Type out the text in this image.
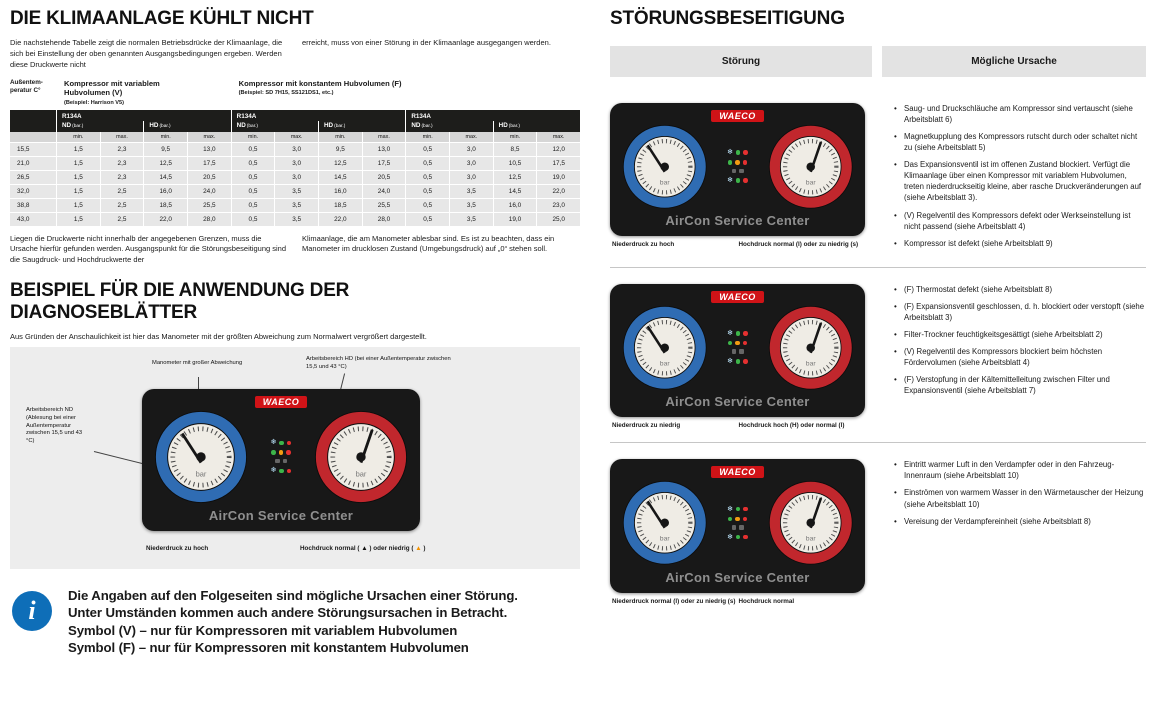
DIE KLIMAANLAGE KÜHLT NICHT

Die nachstehende Tabelle zeigt die normalen Betriebsdrücke der Klimaanlage, die sich bei Einstellung der oben genannten Ausgangsbedingungen ergeben. Werden diese Druckwerte nicht

erreicht, muss von einer Störung in der Klimaanlage ausgegangen werden.

Außentem-
peratur C°
Kompressor mit variablem Hubvolumen (V)
(Beispiel: Harrison V5)
Kompressor mit konstantem Hubvolumen (F)
(Beispiel: SD 7H15, SS121DS1, etc.)
R134A	R134A	R134A
ND(bar.)	HD(bar.)	ND(bar.)	HD(bar.)	ND(bar.)	HD(bar.)
min.	max.	min.	max.	min.	max.	min.	max.	min.	max.	min.	max.
15,5	1,5	2,3	9,5	13,0	0,5	3,0	9,5	13,0	0,5	3,0	8,5	12,0
21,0	1,5	2,3	12,5	17,5	0,5	3,0	12,5	17,5	0,5	3,0	10,5	17,5
26,5	1,5	2,3	14,5	20,5	0,5	3,0	14,5	20,5	0,5	3,0	12,5	19,0
32,0	1,5	2,5	16,0	24,0	0,5	3,5	16,0	24,0	0,5	3,5	14,5	22,0
38,8	1,5	2,5	18,5	25,5	0,5	3,5	18,5	25,5	0,5	3,5	16,0	23,0
43,0	1,5	2,5	22,0	28,0	0,5	3,5	22,0	28,0	0,5	3,5	19,0	25,0

Liegen die Druckwerte nicht innerhalb der angegebenen Grenzen, muss die Ursache hierfür gefunden werden. Ausgangspunkt für die Störungsbeseitigung sind die Saugdruck- und Hochdruckwerte der

Klimaanlage, die am Manometer ablesbar sind. Es ist zu beachten, dass ein Manometer im drucklosen Zustand (Umgebungsdruck) auf „0“ stehen soll.

BEISPIEL FÜR DIE ANWENDUNG DER DIAGNOSEBLÄTTER

Aus Gründen der Anschaulichkeit ist hier das Manometer mit der größten Abweichung zum Normalwert vergrößert dargestellt.

Manometer mit großer Abweichung
Arbeitsbereich HD (bei einer Außentemperatur zwischen 15,5 und 43 °C)
Arbeitsbereich ND (Ablesung bei einer Außentemperatur zwischen 15,5 und 43 °C)
WAECO
bar
❄
❄	bar
AirCon Service Center
Niederdruck zu hoch	Hochdruck normal ( ▲ ) oder niedrig ( ▲ )
i
Die Angaben auf den Folgeseiten sind mögliche Ursachen einer Störung.
Unter Umständen kommen auch andere Störungsursachen in Betracht.
Symbol (V) – nur für Kompressoren mit variablem Hubvolumen
Symbol (F) – nur für Kompressoren mit konstantem Hubvolumen
STÖRUNGSBESEITIGUNG
Störung	Mögliche Ursache
WAECO
bar
❄
❄	bar
AirCon Service Center
Niederdruck zu hoch	Hochdruck normal (l) oder zu niedrig (s)
• Saug- und Druckschläuche am Kompressor sind vertauscht (siehe Arbeitsblatt 6)
• Magnetkupplung des Kompressors rutscht durch oder schaltet nicht zu (siehe Arbeitsblatt 5)
• Das Expansionsventil ist im offenen Zustand blockiert. Verfügt die Klimaanlage über einen Kompressor mit variablem Hubvolumen, treten niederdruckseitig kleine, aber rasche Druckveränderungen auf (siehe Arbeitsblatt 3).
• (V) Regelventil des Kompressors defekt oder Werkseinstellung ist nicht passend (siehe Arbeitsblatt 4)
• Kompressor ist defekt (siehe Arbeitsblatt 9)
WAECO
bar
❄
❄	bar
AirCon Service Center
Niederdruck zu niedrig	Hochdruck hoch (H) oder normal (l)
• (F) Thermostat defekt (siehe Arbeitsblatt 8)
• (F) Expansionsventil geschlossen, d. h. blockiert oder verstopft (siehe Arbeitsblatt 3)
• Filter-Trockner feuchtigkeitsgesättigt (siehe Arbeitsblatt 2)
• (V) Regelventil des Kompressors blockiert beim höchsten Fördervolumen (siehe Arbeitsblatt 4)
• (F) Verstopfung in der Kältemittelleitung zwischen Filter und Expansionsventil (siehe Arbeitsblatt 7)
WAECO
bar
❄
❄	bar
AirCon Service Center
Niederdruck normal (l) oder zu niedrig (s) Hochdruck normal
• Eintritt warmer Luft in den Verdampfer oder in den Fahrzeug-Innenraum (siehe Arbeitsblatt 10)
• Einströmen von warmem Wasser in den Wärmetauscher der Heizung (siehe Arbeitsblatt 10)
• Vereisung der Verdampfereinheit (siehe Arbeitsblatt 8)
